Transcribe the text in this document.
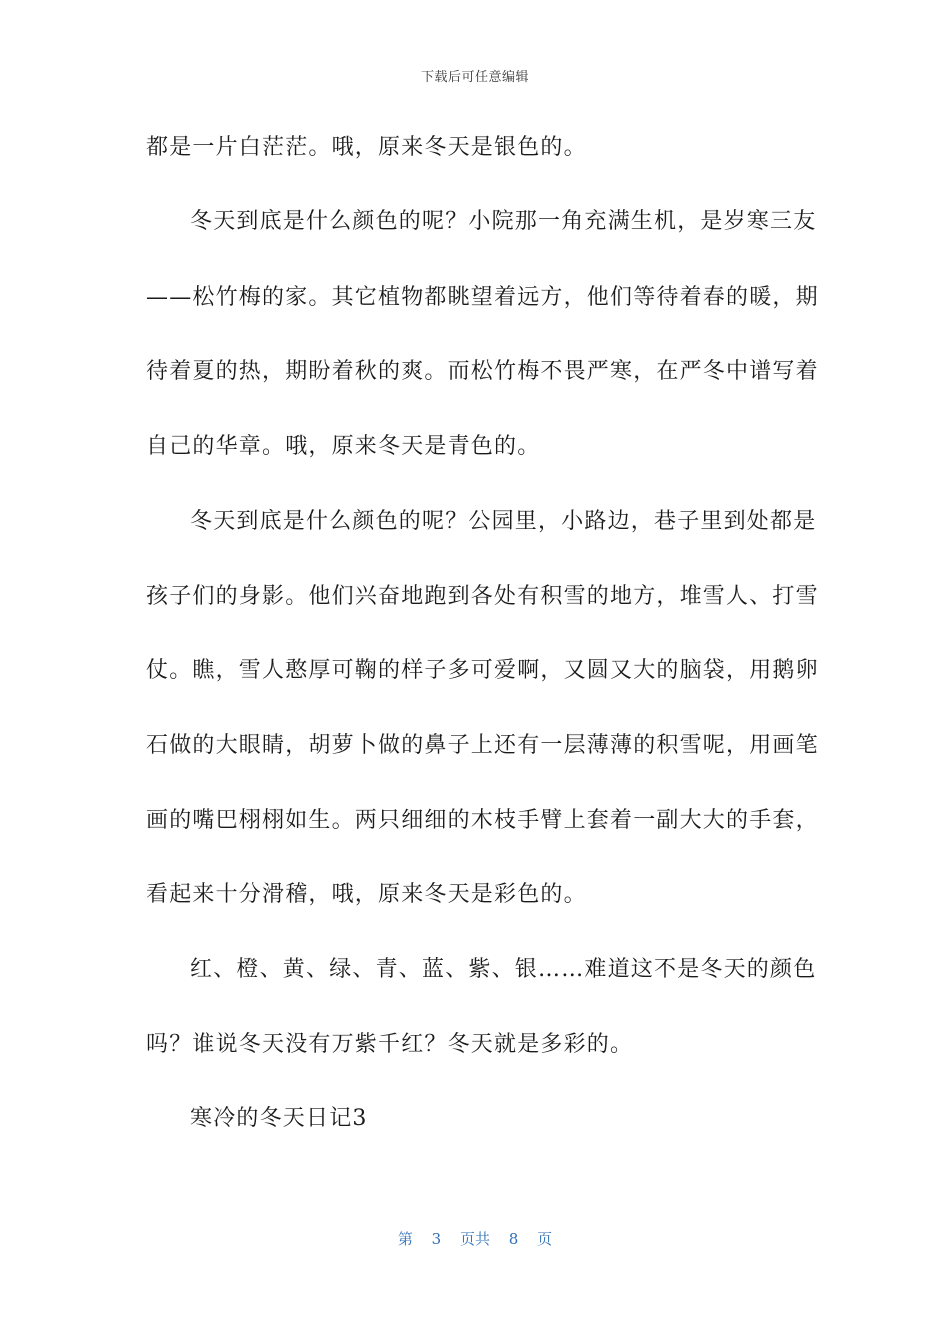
下载后可任意编辑
都是一片白茫茫。哦，原来冬天是银色的。
冬天到底是什么颜色的呢？小院那一角充满生机，是岁寒三友
——松竹梅的家。其它植物都眺望着远方，他们等待着春的暖，期
待着夏的热，期盼着秋的爽。而松竹梅不畏严寒，在严冬中谱写着
自己的华章。哦，原来冬天是青色的。
冬天到底是什么颜色的呢？公园里，小路边，巷子里到处都是
孩子们的身影。他们兴奋地跑到各处有积雪的地方，堆雪人、打雪
仗。瞧，雪人憨厚可鞠的样子多可爱啊，又圆又大的脑袋，用鹅卵
石做的大眼睛，胡萝卜做的鼻子上还有一层薄薄的积雪呢，用画笔
画的嘴巴栩栩如生。两只细细的木枝手臂上套着一副大大的手套，
看起来十分滑稽，哦，原来冬天是彩色的。
红、橙、黄、绿、青、蓝、紫、银……难道这不是冬天的颜色
吗？谁说冬天没有万紫千红？冬天就是多彩的。
寒冷的冬天日记3
第 3 页共 8 页
